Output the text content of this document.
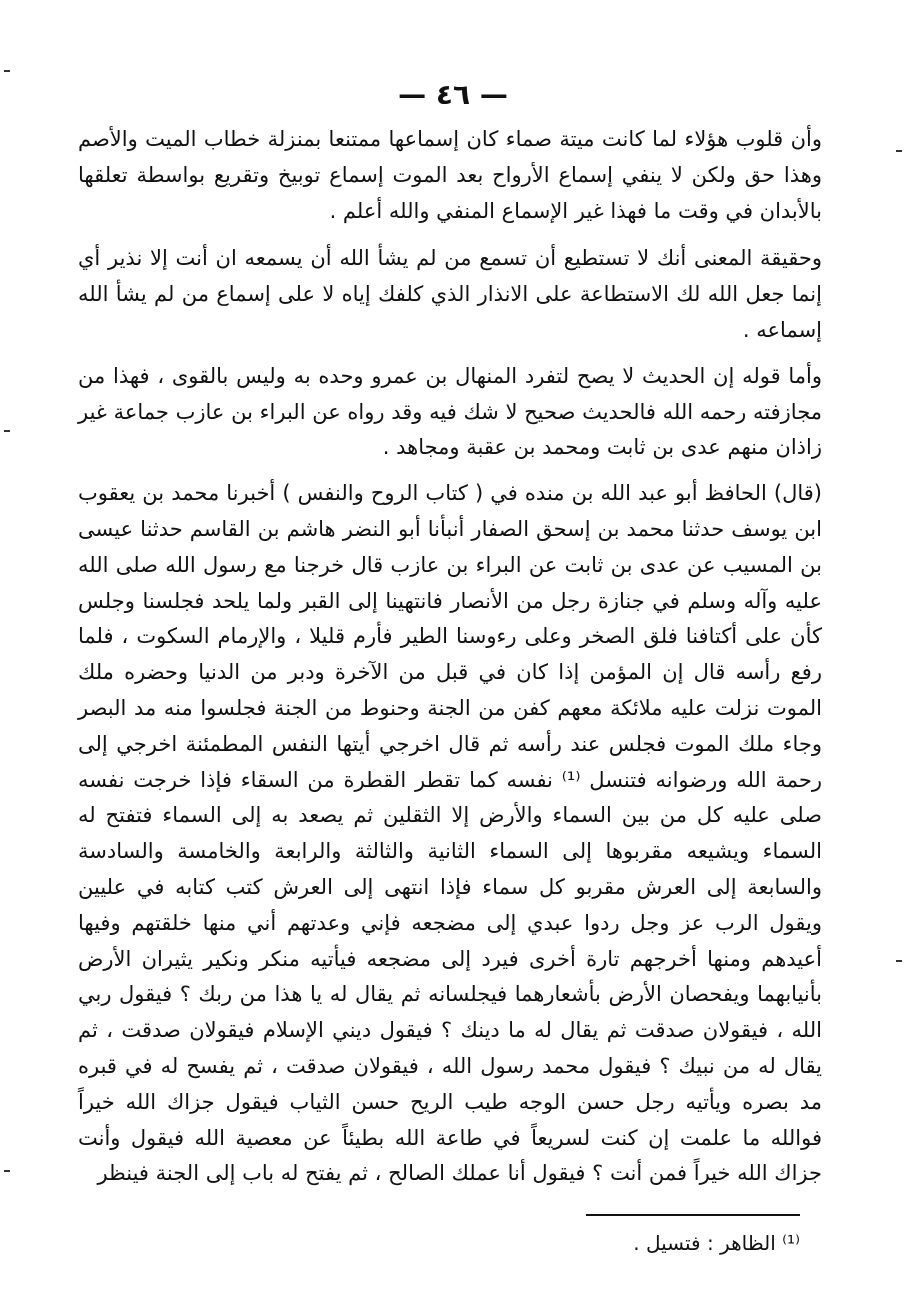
— ٤٦ —

وأن قلوب هؤلاء لما كانت ميتة صماء كان إسماعها ممتنعا بمنزلة خطاب الميت والأصم وهذا حق ولكن لا ينفي إسماع الأرواح بعد الموت إسماع توبيخ وتقريع بواسطة تعلقها بالأبدان في وقت ما فهذا غير الإسماع المنفي والله أعلم .

وحقيقة المعنى أنك لا تستطيع أن تسمع من لم يشأ الله أن يسمعه ان أنت إلا نذير أي إنما جعل الله لك الاستطاعة على الانذار الذي كلفك إياه لا على إسماع من لم يشأ الله إسماعه .

وأما قوله إن الحديث لا يصح لتفرد المنهال بن عمرو وحده به وليس بالقوى ، فهذا من مجازفته رحمه الله فالحديث صحيح لا شك فيه وقد رواه عن البراء بن عازب جماعة غير زاذان منهم عدى بن ثابت ومحمد بن عقبة ومجاهد .

(قال) الحافظ أبو عبد الله بن منده في ( كتاب الروح والنفس ) أخبرنا محمد بن يعقوب ابن يوسف حدثنا محمد بن إسحق الصفار أنبأنا أبو النضر هاشم بن القاسم حدثنا عيسى بن المسيب عن عدى بن ثابت عن البراء بن عازب قال خرجنا مع رسول الله صلى الله عليه وآله وسلم في جنازة رجل من الأنصار فانتهينا إلى القبر ولما يلحد فجلسنا وجلس كأن على أكتافنا فلق الصخر وعلى رءوسنا الطير فأرم قليلا ، والإرمام السكوت ، فلما رفع رأسه قال إن المؤمن إذا كان في قبل من الآخرة ودبر من الدنيا وحضره ملك الموت نزلت عليه ملائكة معهم كفن من الجنة وحنوط من الجنة فجلسوا منه مد البصر وجاء ملك الموت فجلس عند رأسه ثم قال اخرجي أيتها النفس المطمئنة اخرجي إلى رحمة الله ورضوانه فتنسل ⁽¹⁾ نفسه كما تقطر القطرة من السقاء فإذا خرجت نفسه صلى عليه كل من بين السماء والأرض إلا الثقلين ثم يصعد به إلى السماء فتفتح له السماء ويشيعه مقربوها إلى السماء الثانية والثالثة والرابعة والخامسة والسادسة والسابعة إلى العرش مقربو كل سماء فإذا انتهى إلى العرش كتب كتابه في عليين ويقول الرب عز وجل ردوا عبدي إلى مضجعه فإني وعدتهم أني منها خلقتهم وفيها أعيدهم ومنها أخرجهم تارة أخرى فيرد إلى مضجعه فيأتيه منكر ونكير يثيران الأرض بأنيابهما ويفحصان الأرض بأشعارهما فيجلسانه ثم يقال له يا هذا من ربك ؟ فيقول ربي الله ، فيقولان صدقت ثم يقال له ما دينك ؟ فيقول ديني الإسلام فيقولان صدقت ، ثم يقال له من نبيك ؟ فيقول محمد رسول الله ، فيقولان صدقت ، ثم يفسح له في قبره مد بصره ويأتيه رجل حسن الوجه طيب الريح حسن الثياب فيقول جزاك الله خيراً فوالله ما علمت إن كنت لسريعاً في طاعة الله بطيئاً عن معصية الله فيقول وأنت جزاك الله خيراً فمن أنت ؟ فيقول أنا عملك الصالح ، ثم يفتح له باب إلى الجنة فينظر

⁽¹⁾ الظاهر : فتسيل .
